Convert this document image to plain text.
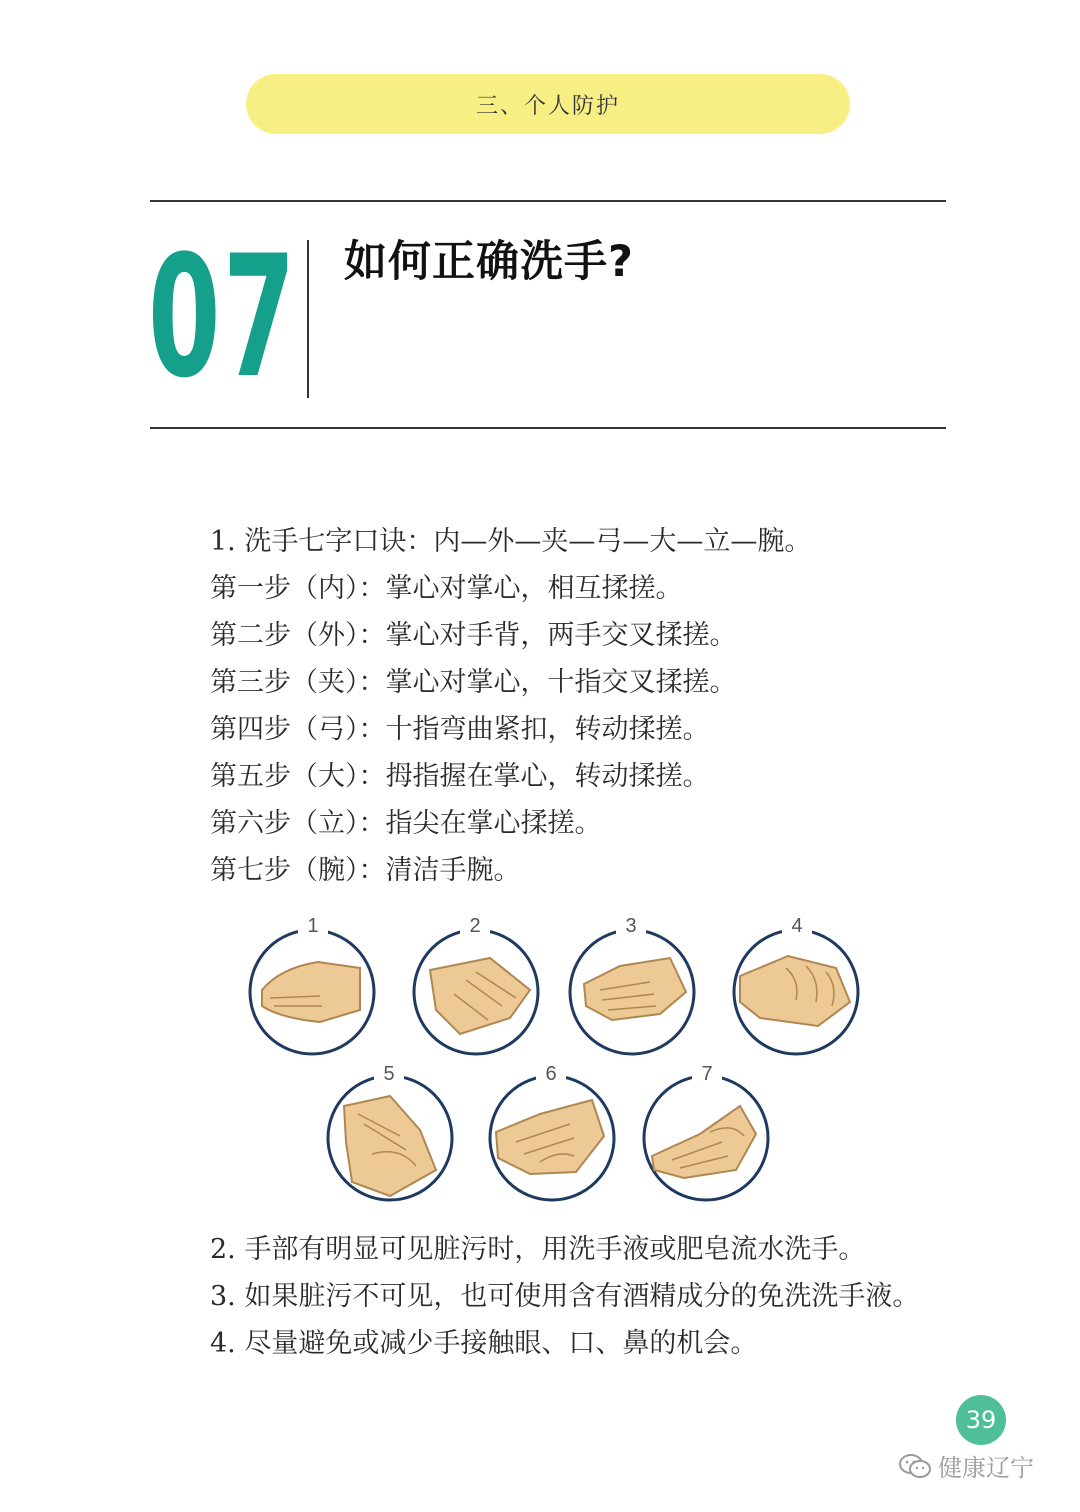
三、个人防护
07 如何正确洗手?
1. 洗手七字口诀：内—外—夹—弓—大—立—腕。
第一步（内）：掌心对掌心，相互揉搓。
第二步（外）：掌心对手背，两手交叉揉搓。
第三步（夹）：掌心对掌心，十指交叉揉搓。
第四步（弓）：十指弯曲紧扣，转动揉搓。
第五步（大）：拇指握在掌心，转动揉搓。
第六步（立）：指尖在掌心揉搓。
第七步（腕）：清洁手腕。
1	2	3	4
5	6	7
2. 手部有明显可见脏污时，用洗手液或肥皂流水洗手。
3. 如果脏污不可见，也可使用含有酒精成分的免洗洗手液。
4. 尽量避免或减少手接触眼、口、鼻的机会。
39
健康辽宁
